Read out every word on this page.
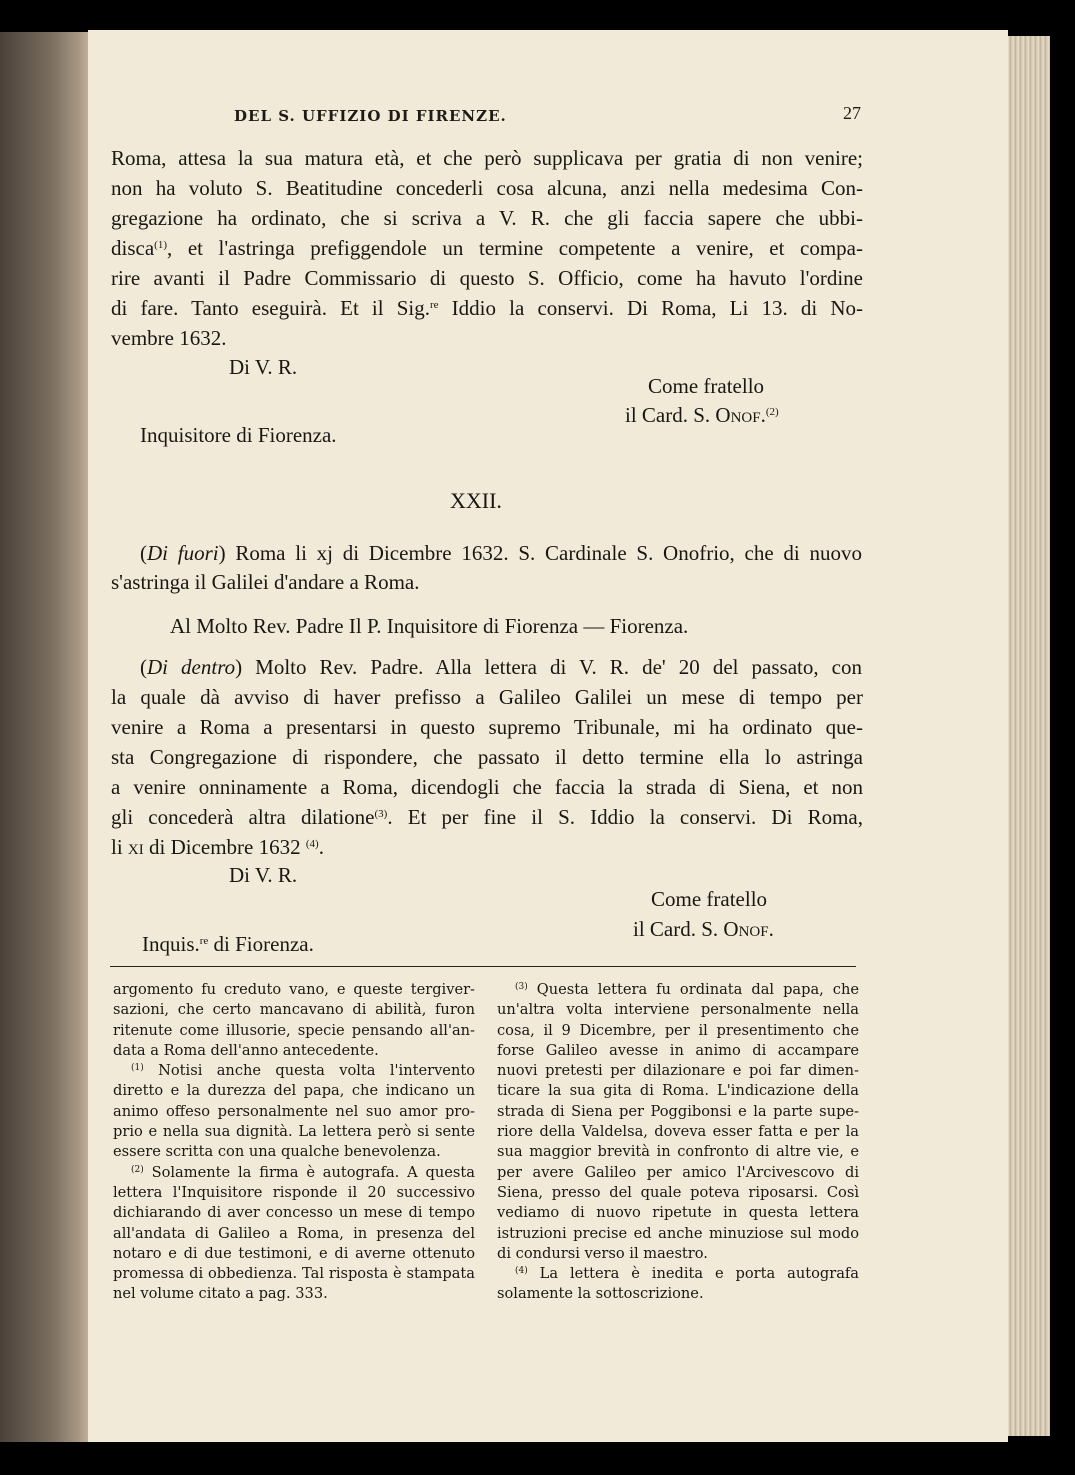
DEL S. UFFIZIO DI FIRENZE.	27
Roma, attesa la sua matura età, et che però supplicava per gratia di non venire;
non ha voluto S. Beatitudine concederli cosa alcuna, anzi nella medesima Con-
gregazione ha ordinato, che si scriva a V. R. che gli faccia sapere che ubbi-
disca$^{(1)}$, et l'astringa prefiggendole un termine competente a venire, et compa-
rire avanti il Padre Commissario di questo S. Officio, come ha havuto l'ordine
di fare. Tanto eseguirà. Et il Sig.$^{re}$ Iddio la conservi. Di Roma, Li 13. di No-
vembre 1632.
Di V. R.
Come fratello
il Card. S. Onof.$^{(2)}$
Inquisitore di Fiorenza.
XXII.
(Di fuori) Roma li xj di Dicembre 1632. S. Cardinale S. Onofrio, che di nuovo
s'astringa il Galilei d'andare a Roma.
Al Molto Rev. Padre Il P. Inquisitore di Fiorenza — Fiorenza.
(Di dentro) Molto Rev. Padre. Alla lettera di V. R. de' 20 del passato, con
la quale dà avviso di haver prefisso a Galileo Galilei un mese di tempo per
venire a Roma a presentarsi in questo supremo Tribunale, mi ha ordinato que-
sta Congregazione di rispondere, che passato il detto termine ella lo astringa
a venire onninamente a Roma, dicendogli che faccia la strada di Siena, et non
gli concederà altra dilatione$^{(3)}$. Et per fine il S. Iddio la conservi. Di Roma,
li xi di Dicembre 1632 $^{(4)}$.
Di V. R.
Come fratello
il Card. S. Onof.
Inquis.$^{re}$ di Fiorenza.

argomento fu creduto vano, e queste tergiver-sazioni, che certo mancavano di abilità, furon ritenute come illusorie, specie pensando all'an-data a Roma dell'anno antecedente.

$^{(1)}$ Notisi anche questa volta l'intervento diretto e la durezza del papa, che indicano un animo offeso personalmente nel suo amor pro-prio e nella sua dignità. La lettera però si sente essere scritta con una qualche benevolenza.

$^{(2)}$ Solamente la firma è autografa. A questa lettera l'Inquisitore risponde il 20 successivo dichiarando di aver concesso un mese di tempo all'andata di Galileo a Roma, in presenza del notaro e di due testimoni, e di averne ottenuto promessa di obbedienza. Tal risposta è stampata nel volume citato a pag. 333.

$^{(3)}$ Questa lettera fu ordinata dal papa, che un'altra volta interviene personalmente nella cosa, il 9 Dicembre, per il presentimento che forse Galileo avesse in animo di accampare nuovi pretesti per dilazionare e poi far dimen-ticare la sua gita di Roma. L'indicazione della strada di Siena per Poggibonsi e la parte supe-riore della Valdelsa, doveva esser fatta e per la sua maggior brevità in confronto di altre vie, e per avere Galileo per amico l'Arcivescovo di Siena, presso del quale poteva riposarsi. Così vediamo di nuovo ripetute in questa lettera istruzioni precise ed anche minuziose sul modo di condursi verso il maestro.

$^{(4)}$ La lettera è inedita e porta autografa solamente la sottoscrizione.
